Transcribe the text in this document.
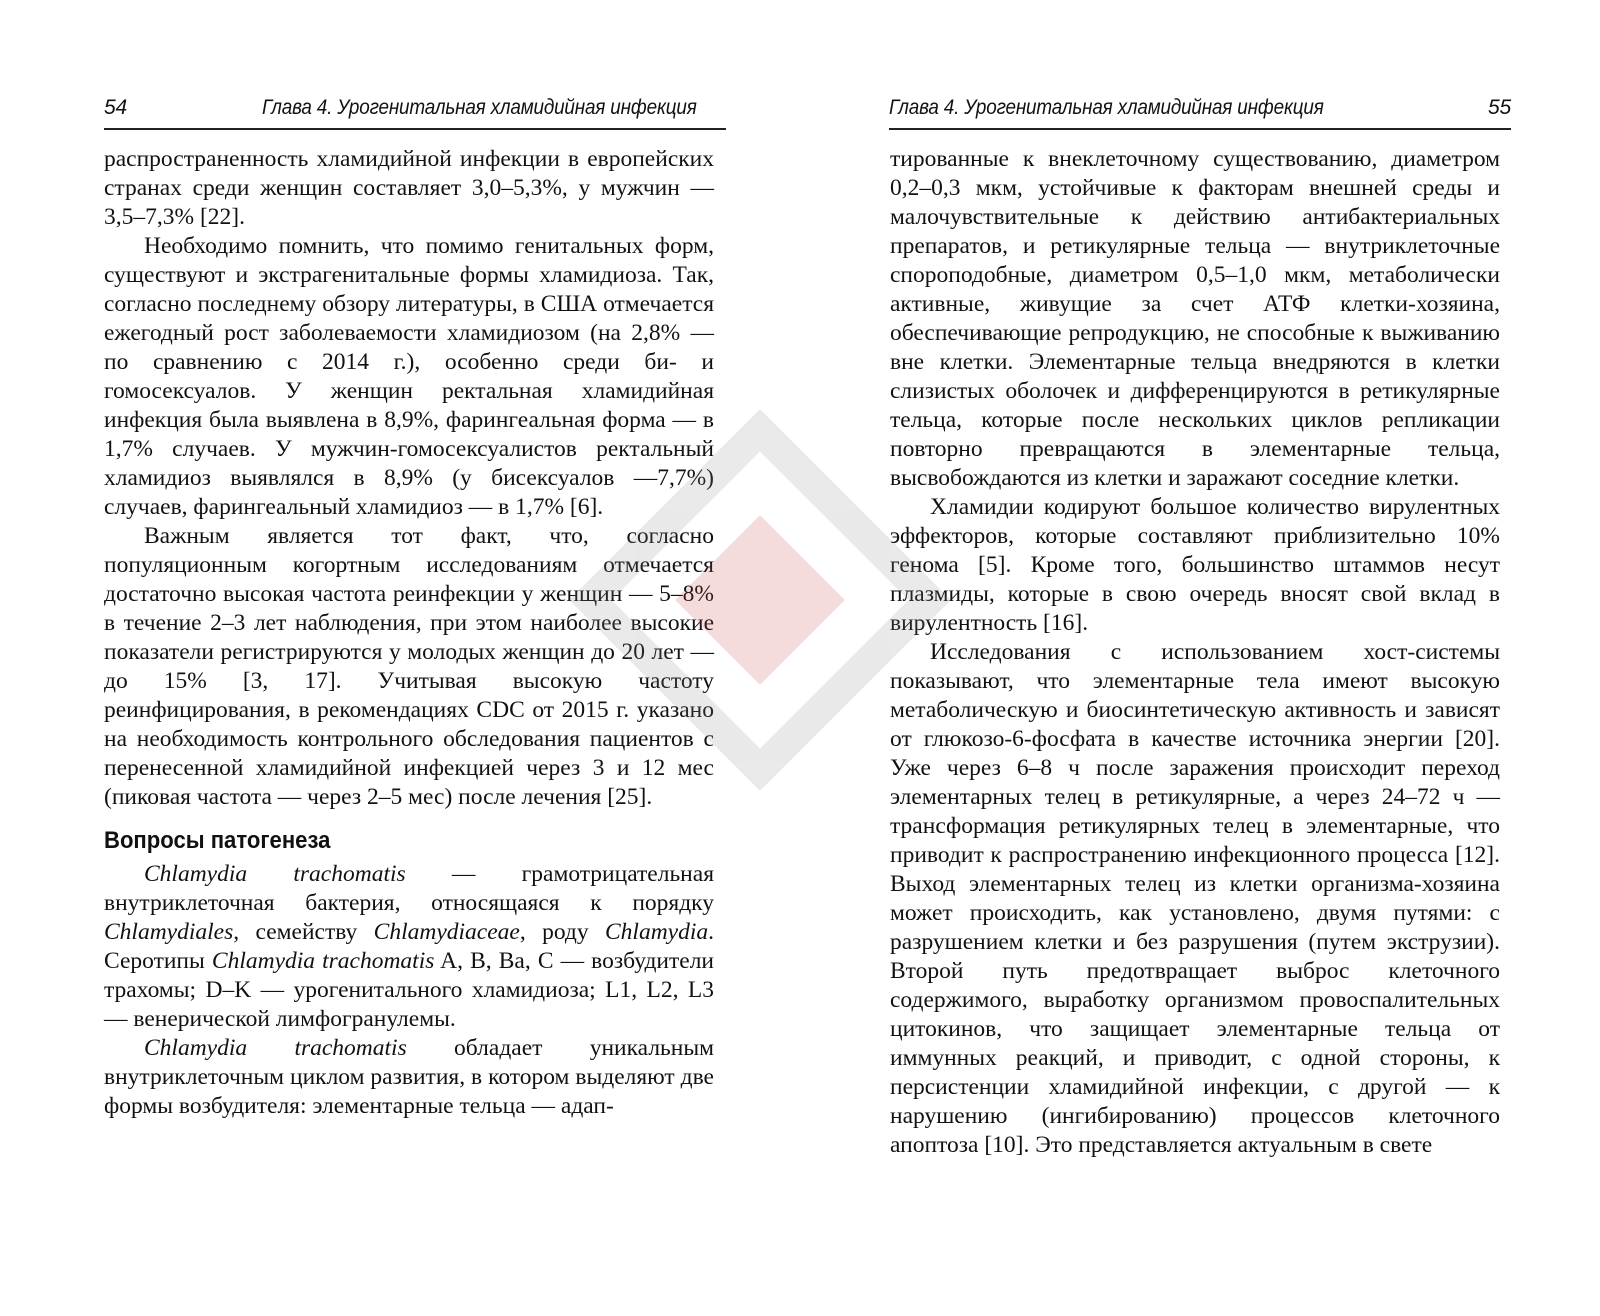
54	Глава 4. Урогенитальная хламидийная инфекция

распространенность хламидийной инфекции в европейских странах среди женщин составляет 3,0–5,3%, у мужчин — 3,5–7,3% [22].

Необходимо помнить, что помимо генитальных форм, существуют и экстрагенитальные формы хламидиоза. Так, согласно последнему обзору литературы, в США отмечается ежегодный рост заболеваемости хламидиозом (на 2,8% — по сравнению с 2014 г.), особенно среди би- и гомосексуалов. У женщин ректальная хламидийная инфекция была выявлена в 8,9%, фарингеальная форма — в 1,7% случаев. У мужчин-гомосексуалистов ректальный хламидиоз выявлялся в 8,9% (у бисексуалов —7,7%) случаев, фарингеальный хламидиоз — в 1,7% [6].

Важным является тот факт, что, согласно популяционным когортным исследованиям отмечается достаточно высокая частота реинфекции у женщин — 5–8% в течение 2–3 лет наблюдения, при этом наиболее высокие показатели регистрируются у молодых женщин до 20 лет — до 15% [3, 17]. Учитывая высокую частоту реинфицирования, в рекомендациях CDC от 2015 г. указано на необходимость контрольного обследования пациентов с перенесенной хламидийной инфекцией через 3 и 12 мес (пиковая частота — через 2–5 мес) после лечения [25].

Вопросы патогенеза

Chlamydia trachomatis — грамотрицательная внутриклеточная бактерия, относящаяся к порядку Chlamydiales, семейству Chlamydiaceae, роду Chlamydia. Серотипы Chlamydia trachomatis A, B, Ba, C — возбудители трахомы; D–K — урогенитального хламидиоза; L1, L2, L3 — венерической лимфогранулемы.

Chlamydia trachomatis обладает уникальным внутриклеточным циклом развития, в котором выделяют две формы возбудителя: элементарные тельца — адап-

Глава 4. Урогенитальная хламидийная инфекция	55

тированные к внеклеточному существованию, диаметром 0,2–0,3 мкм, устойчивые к факторам внешней среды и малочувствительные к действию антибактериальных препаратов, и ретикулярные тельца — внутриклеточные спороподобные, диаметром 0,5–1,0 мкм, метаболически активные, живущие за счет АТФ клетки-хозяина, обеспечивающие репродукцию, не способные к выживанию вне клетки. Элементарные тельца внедряются в клетки слизистых оболочек и дифференцируются в ретикулярные тельца, которые после нескольких циклов репликации повторно превращаются в элементарные тельца, высвобождаются из клетки и заражают соседние клетки.

Хламидии кодируют большое количество вирулентных эффекторов, которые составляют приблизительно 10% генома [5]. Кроме того, большинство штаммов несут плазмиды, которые в свою очередь вносят свой вклад в вирулентность [16].

Исследования с использованием хост-системы показывают, что элементарные тела имеют высокую метаболическую и биосинтетическую активность и зависят от глюкозо-6-фосфата в качестве источника энергии [20]. Уже через 6–8 ч после заражения происходит переход элементарных телец в ретикулярные, а через 24–72 ч — трансформация ретикулярных телец в элементарные, что приводит к распространению инфекционного процесса [12]. Выход элементарных телец из клетки организма-хозяина может происходить, как установлено, двумя путями: с разрушением клетки и без разрушения (путем экструзии). Второй путь предотвращает выброс клеточного содержимого, выработку организмом провоспалительных цитокинов, что защищает элементарные тельца от иммунных реакций, и приводит, с одной стороны, к персистенции хламидийной инфекции, с другой — к нарушению (ингибированию) процессов клеточного апоптоза [10]. Это представляется актуальным в свете
